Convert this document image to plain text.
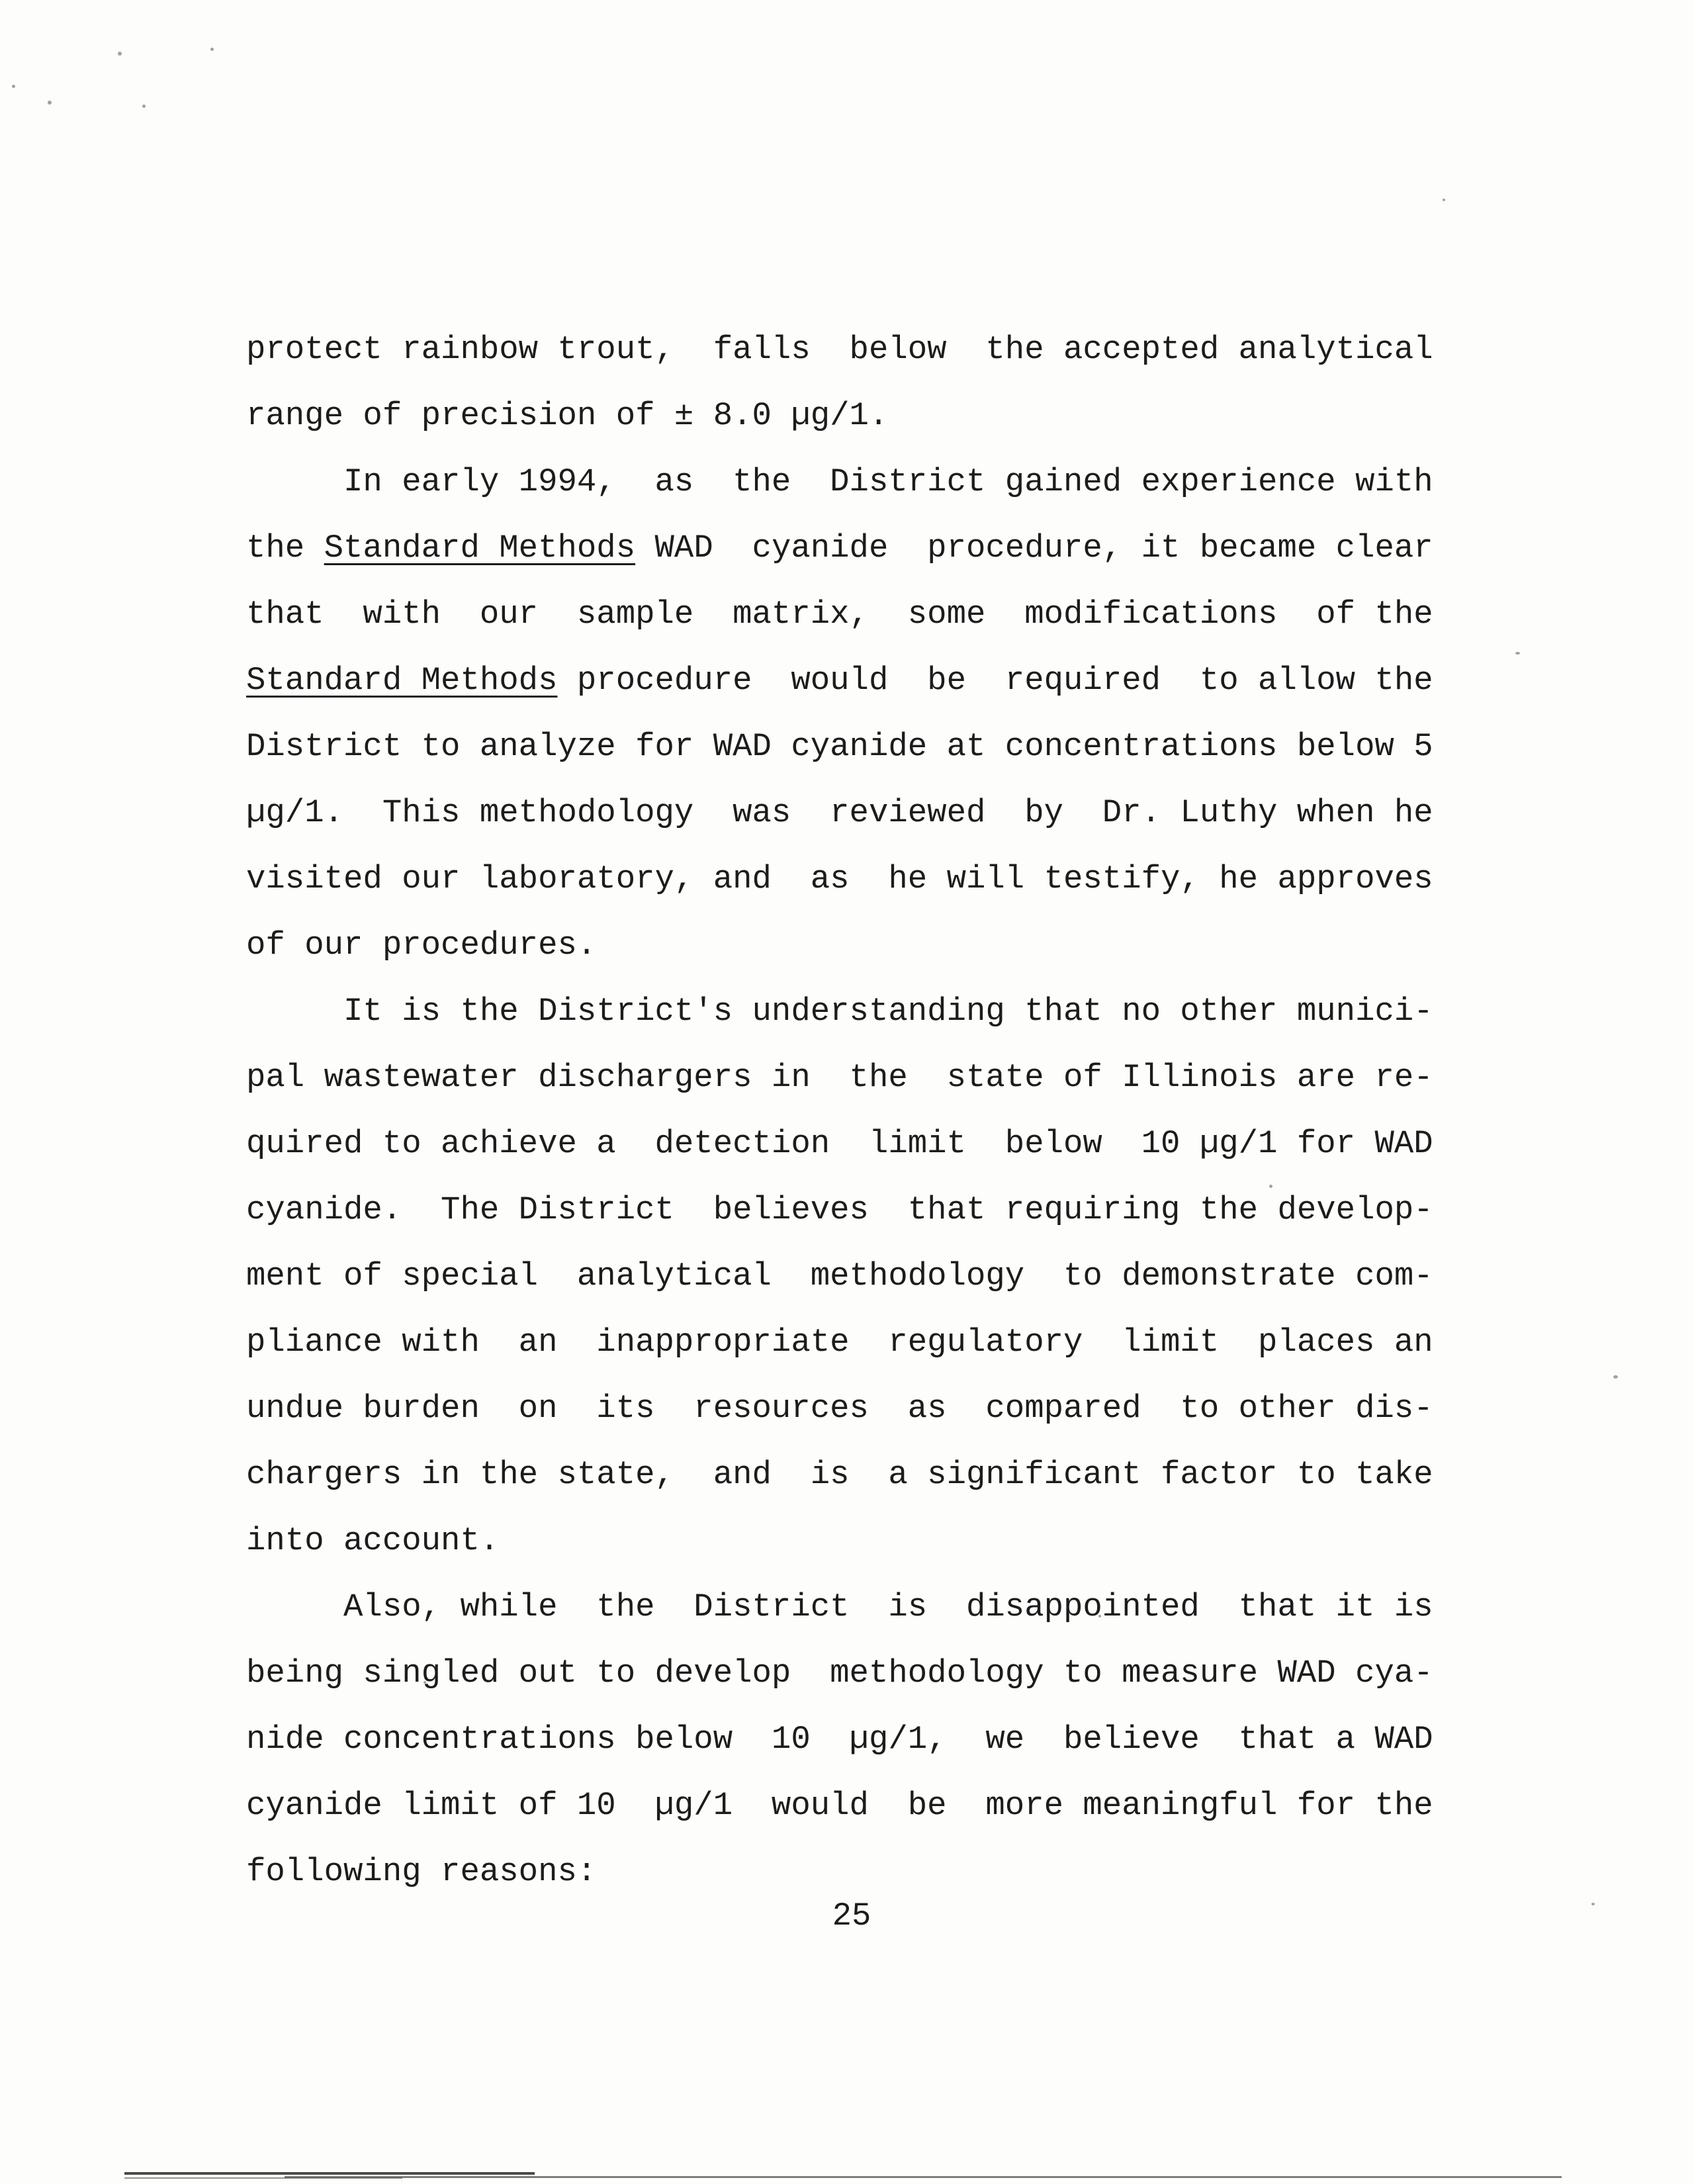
protect rainbow trout,  falls  below  the accepted analytical
range of precision of ± 8.0 µg/1.
In early 1994,  as  the  District gained experience with
the Standard Methods WAD  cyanide  procedure, it became clear
that  with  our  sample  matrix,  some  modifications  of the
Standard Methods procedure  would  be  required  to allow the
District to analyze for WAD cyanide at concentrations below 5
µg/1.  This methodology  was  reviewed  by  Dr. Luthy when he
visited our laboratory, and  as  he will testify, he approves
of our procedures.
It is the District's understanding that no other munici-
pal wastewater dischargers in  the  state of Illinois are re-
quired to achieve a  detection  limit  below  10 µg/1 for WAD
cyanide.  The District  believes  that requiring the develop-
ment of special  analytical  methodology  to demonstrate com-
pliance with  an  inappropriate  regulatory  limit  places an
undue burden  on  its  resources  as  compared  to other dis-
chargers in the state,  and  is  a significant factor to take
into account.
Also, while  the  District  is  disappointed  that it is
being singled out to develop  methodology to measure WAD cya-
nide concentrations below  10  µg/1,  we  believe  that a WAD
cyanide limit of 10  µg/1  would  be  more meaningful for the
following reasons:

25
